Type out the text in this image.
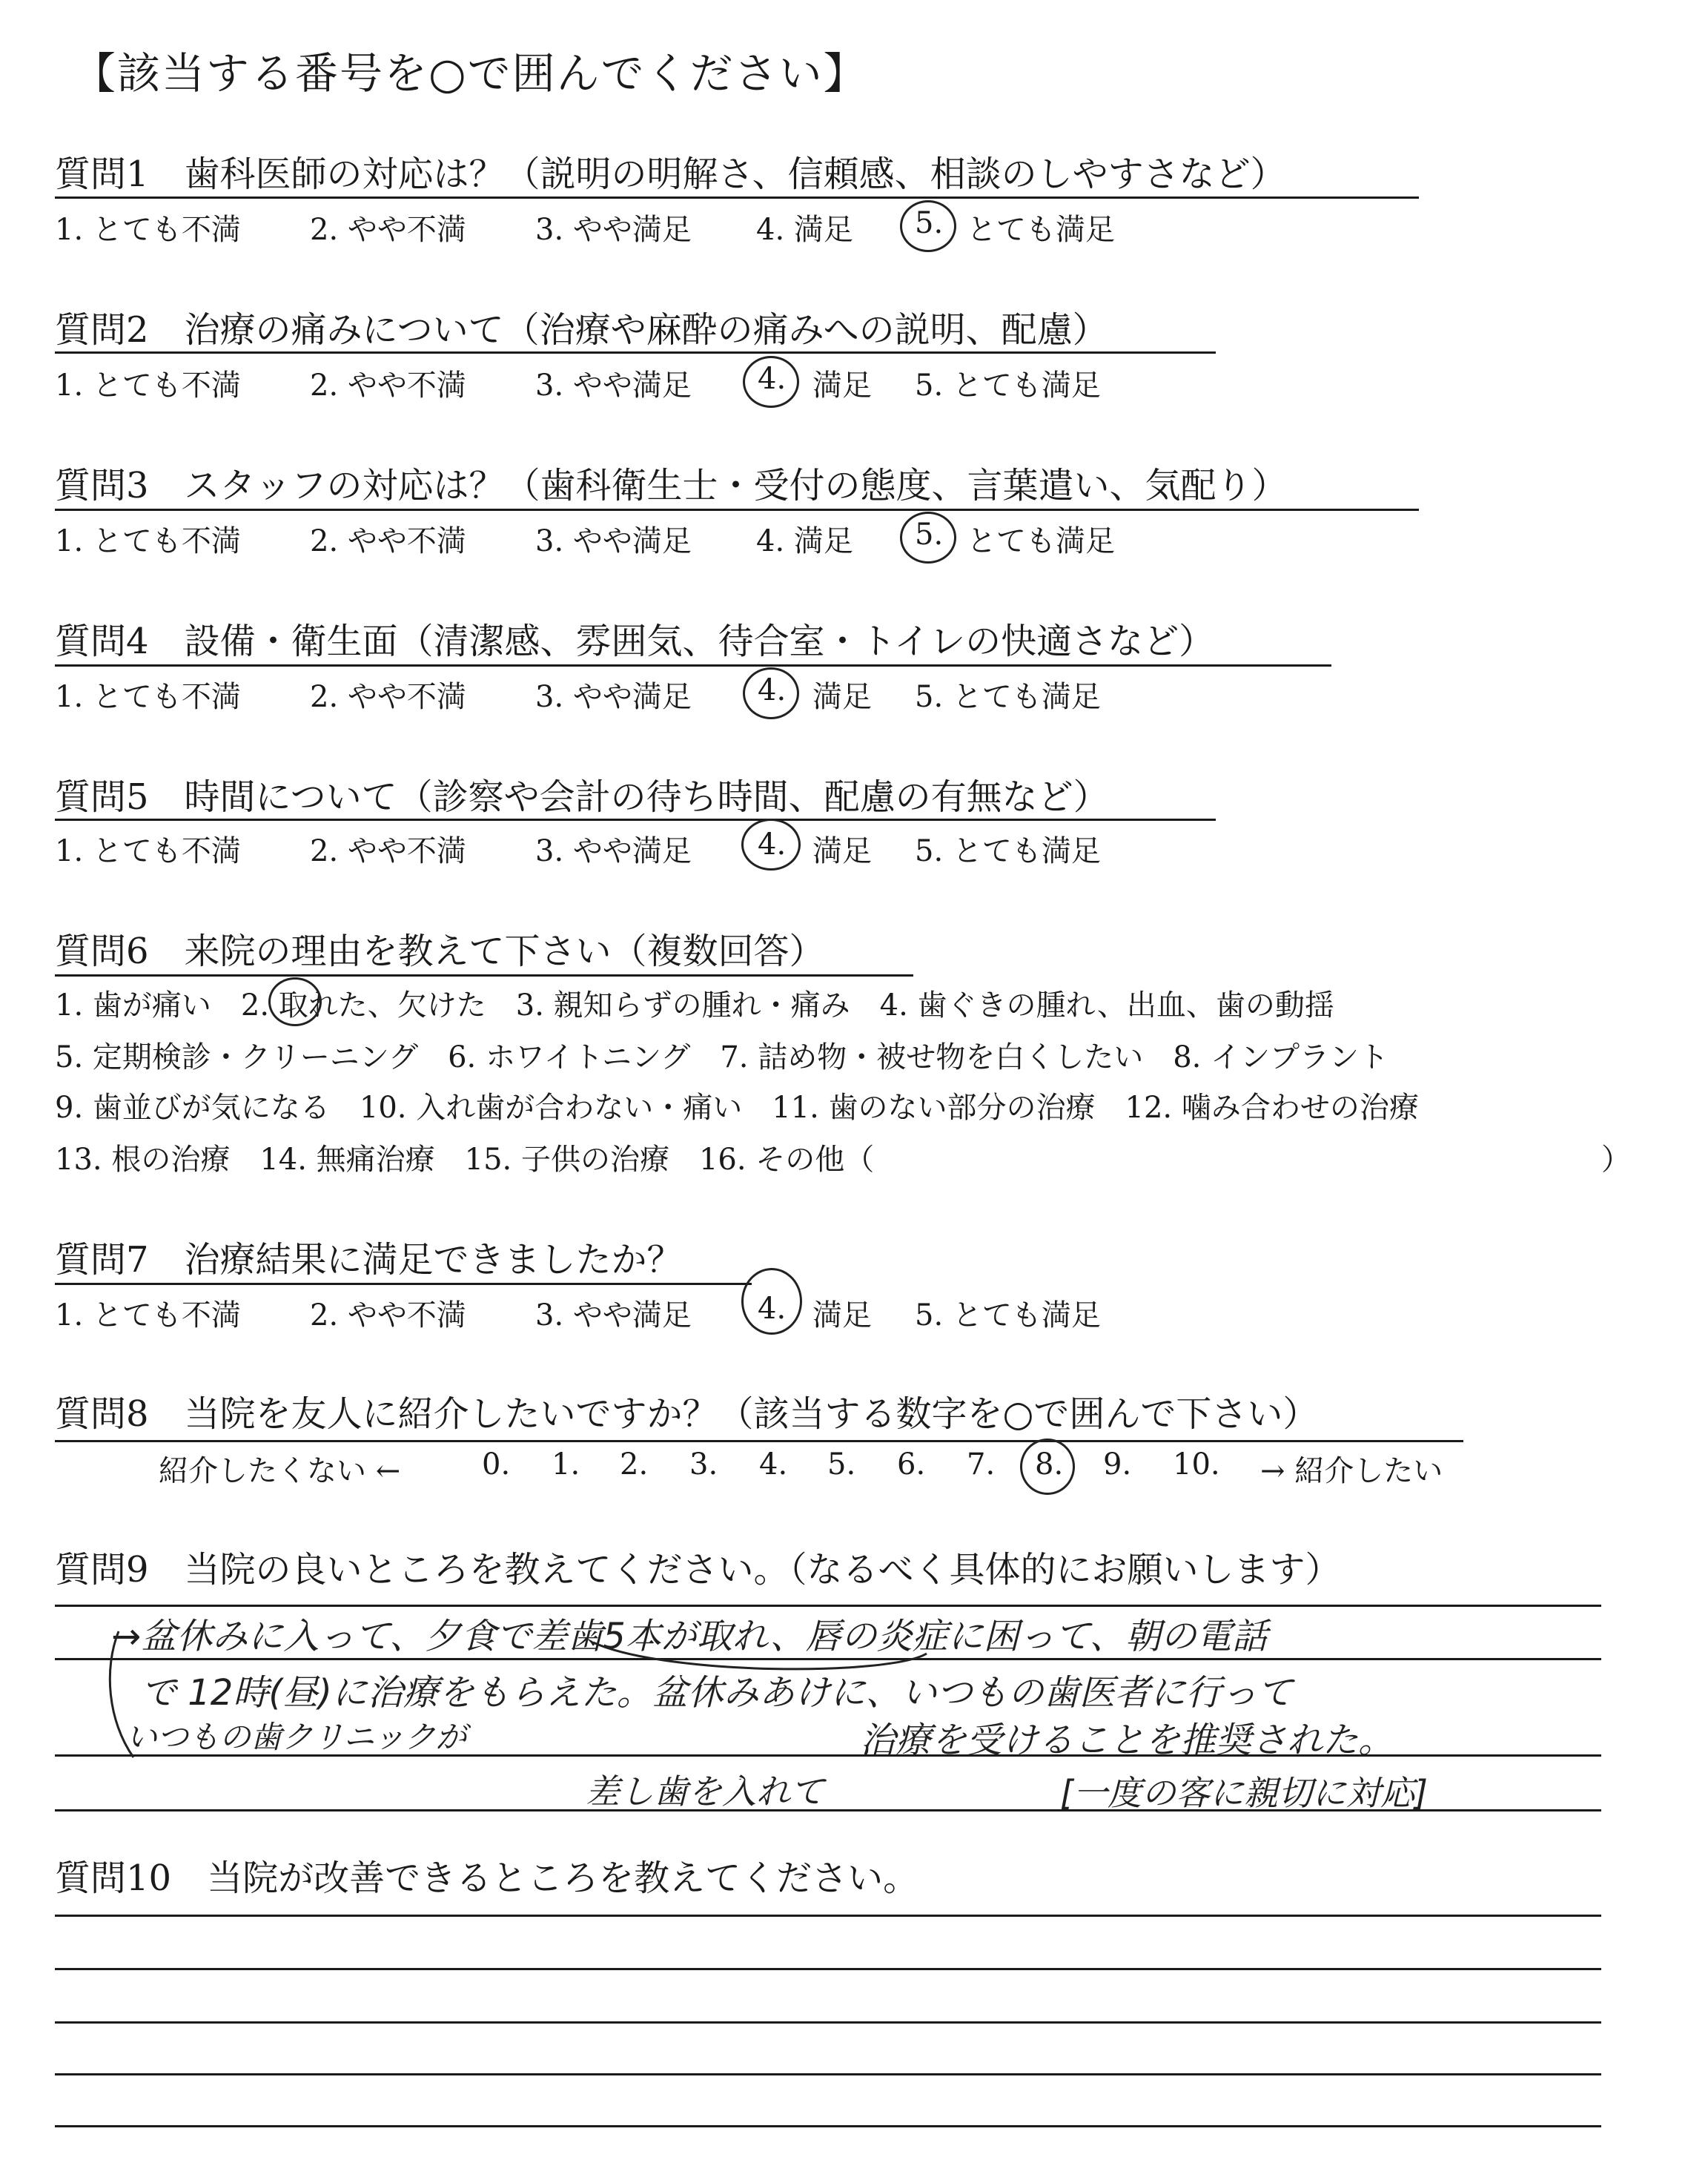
【該当する番号を○で囲んでください】
質問1　歯科医師の対応は？（説明の明解さ、信頼感、相談のしやすさなど）
1. とても不満 2. やや不満 3. やや満足 4. 満足 5. とても満足
質問2　治療の痛みについて（治療や麻酔の痛みへの説明、配慮）
1. とても不満 2. やや不満 3. やや満足 4. 満足 5. とても満足
質問3　スタッフの対応は？（歯科衛生士・受付の態度、言葉遣い、気配り）
1. とても不満 2. やや不満 3. やや満足 4. 満足 5. とても満足
質問4　設備・衛生面（清潔感、雰囲気、待合室・トイレの快適さなど）
1. とても不満 2. やや不満 3. やや満足 4. 満足 5. とても満足
質問5　時間について（診察や会計の待ち時間、配慮の有無など）
1. とても不満 2. やや不満 3. やや満足 4. 満足 5. とても満足
質問6　来院の理由を教えて下さい（複数回答）
1. 歯が痛い　2. 取れた、欠けた　3. 親知らずの腫れ・痛み　4. 歯ぐきの腫れ、出血、歯の動揺
5. 定期検診・クリーニング　6. ホワイトニング　7. 詰め物・被せ物を白くしたい　8. インプラント
9. 歯並びが気になる　10. 入れ歯が合わない・痛い　11. 歯のない部分の治療　12. 噛み合わせの治療
13. 根の治療　14. 無痛治療　15. 子供の治療　16. その他（	）
質問7　治療結果に満足できましたか？
1. とても不満 2. やや不満 3. やや満足 4. 満足 5. とても満足
質問8　当院を友人に紹介したいですか？（該当する数字を○で囲んで下さい）
紹介したくない ←	0. 1. 2. 3. 4. 5. 6. 7. 8. 9. 10. → 紹介したい
質問9　当院の良いところを教えてください。（なるべく具体的にお願いします）
→盆休みに入って、夕食で差歯5本が取れ、唇の炎症に困って、朝の電話
で 12時(昼)に治療をもらえた。盆休みあけに、いつもの歯医者に行って
いつもの歯クリニックが	治療を受けることを推奨された。
差し歯を入れて	[一度の客に親切に対応]
質問10　当院が改善できるところを教えてください。
